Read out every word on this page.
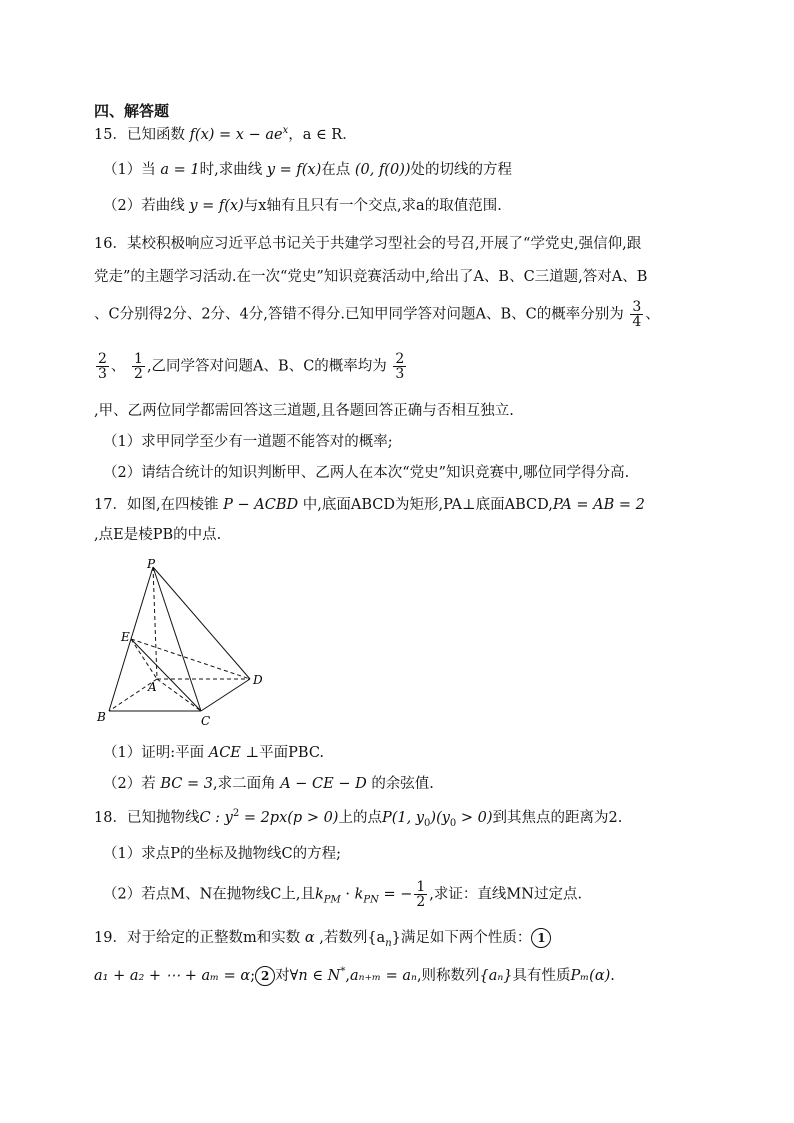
四、解答题
15．已知函数 $f(x) = x - ae^x$，a ∈ R．
（1）当 a = 1时,求曲线 y = f(x)在点 (0, f(0))处的切线的方程
（2）若曲线 y = f(x)与x轴有且只有一个交点,求a的取值范围.
16．某校积极响应习近平总书记关于共建学习型社会的号召,开展了“学党史,强信仰,跟
党走”的主题学习活动.在一次“党史”知识竞赛活动中,给出了A、B、C三道题,答对A、B
、C分别得2分、2分、4分,答错不得分.已知甲同学答对问题A、B、C的概率分别为 $\frac{3}{4}$ 、
$\frac{2}{3}$ 、 $\frac{1}{2}$ ,乙同学答对问题A、B、C的概率均为 $\frac{2}{3}$
,甲、乙两位同学都需回答这三道题,且各题回答正确与否相互独立.
（1）求甲同学至少有一道题不能答对的概率;
（2）请结合统计的知识判断甲、乙两人在本次“党史”知识竞赛中,哪位同学得分高.
17．如图,在四棱锥 P − ACBD 中,底面ABCD为矩形,PA⊥底面ABCD,PA = AB = 2
,点E是棱PB的中点.
P
E
A	D
B	C
（1）证明:平面 ACE ⊥平面PBC.
（2）若 BC = 3,求二面角 A − CE − D 的余弦值.
18．已知抛物线C : $y^2 = 2px(p > 0)$上的点P(1, $y_0)(y_0 > 0)$到其焦点的距离为2.
（1）求点P的坐标及抛物线C的方程;
（2）若点M、N在抛物线C上,且$k_{PM} \cdot k_{PN}$ = − $\frac{1}{2}$ ,求证：直线MN过定点.
19．对于给定的正整数m和实数 α ,若数列$\{a_n\}$满足如下两个性质： 1
a₁ + a₂ + ⋯ + aₘ = α; 2 对∀n ∈ N*,aₙ₊ₘ = aₙ,则称数列{aₙ}具有性质Pₘ(α).
